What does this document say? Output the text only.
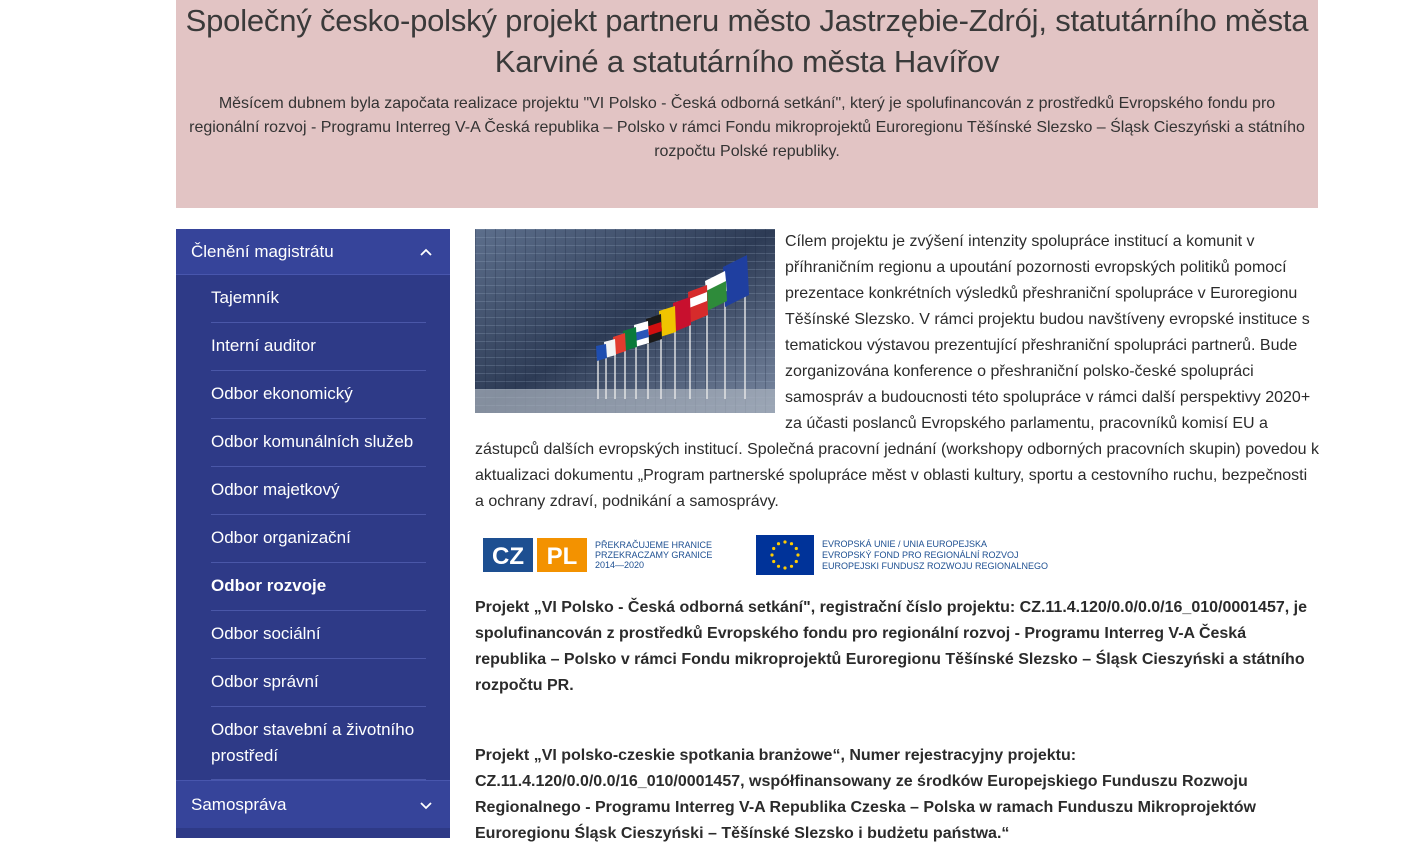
Společný česko-polský projekt partneru město Jastrzębie-Zdrój, statutárního města Karviné a statutárního města Havířov

Měsícem dubnem byla započata realizace projektu "VI Polsko - Česká odborná setkání", který je spolufinancován z prostředků Evropského fondu pro regionální rozvoj - Programu Interreg V-A Česká republika – Polsko v rámci Fondu mikroprojektů Euroregionu Těšínské Slezsko – Śląsk Cieszyński a státního rozpočtu Polské republiky.

Členění magistrátu
Tajemník
Interní auditor
Odbor ekonomický
Odbor komunálních služeb
Odbor majetkový
Odbor organizační
Odbor rozvoje
Odbor sociální
Odbor správní
Odbor stavební a životního prostředí
Samospráva

Cílem projektu je zvýšení intenzity spolupráce institucí a komunit v příhraničním regionu a upoutání pozornosti evropských politiků pomocí prezentace konkrétních výsledků přeshraniční spolupráce v Euroregionu Těšínské Slezsko. V rámci projektu budou navštíveny evropské instituce s tematickou výstavou prezentující přeshraniční spolupráci partnerů. Bude zorganizována konference o přeshraniční polsko-české spolupráci samospráv a budoucnosti této spolupráce v rámci další perspektivy 2020+ za účasti poslanců Evropského parlamentu, pracovníků komisí EU a zástupců dalších evropských institucí. Společná pracovní jednání (workshopy odborných pracovních skupin) povedou k aktualizaci dokumentu „Program partnerské spolupráce měst v oblasti kultury, sportu a cestovního ruchu, bezpečnosti a ochrany zdraví, podnikání a samosprávy.

CZ PL PŘEKRAČUJEME HRANICE
PRZEKRACZAMY GRANICE
2014—2020
EVROPSKÁ UNIE / UNIA EUROPEJSKA
EVROPSKÝ FOND PRO REGIONÁLNÍ ROZVOJ
EUROPEJSKI FUNDUSZ ROZWOJU REGIONALNEGO

Projekt „VI Polsko - Česká odborná setkání", registrační číslo projektu: CZ.11.4.120/0.0/0.0/16_010/0001457, je spolufinancován z prostředků Evropského fondu pro regionální rozvoj - Programu Interreg V-A Česká republika – Polsko v rámci Fondu mikroprojektů Euroregionu Těšínské Slezsko – Śląsk Cieszyński a státního rozpočtu PR.

Projekt „VI polsko-czeskie spotkania branżowe“, Numer rejestracyjny projektu: CZ.11.4.120/0.0/0.0/16_010/0001457, współfinansowany ze środków Europejskiego Funduszu Rozwoju Regionalnego - Programu Interreg V-A Republika Czeska – Polska w ramach Funduszu Mikroprojektów Euroregionu Śląsk Cieszyński – Těšínské Slezsko i budżetu państwa.“
